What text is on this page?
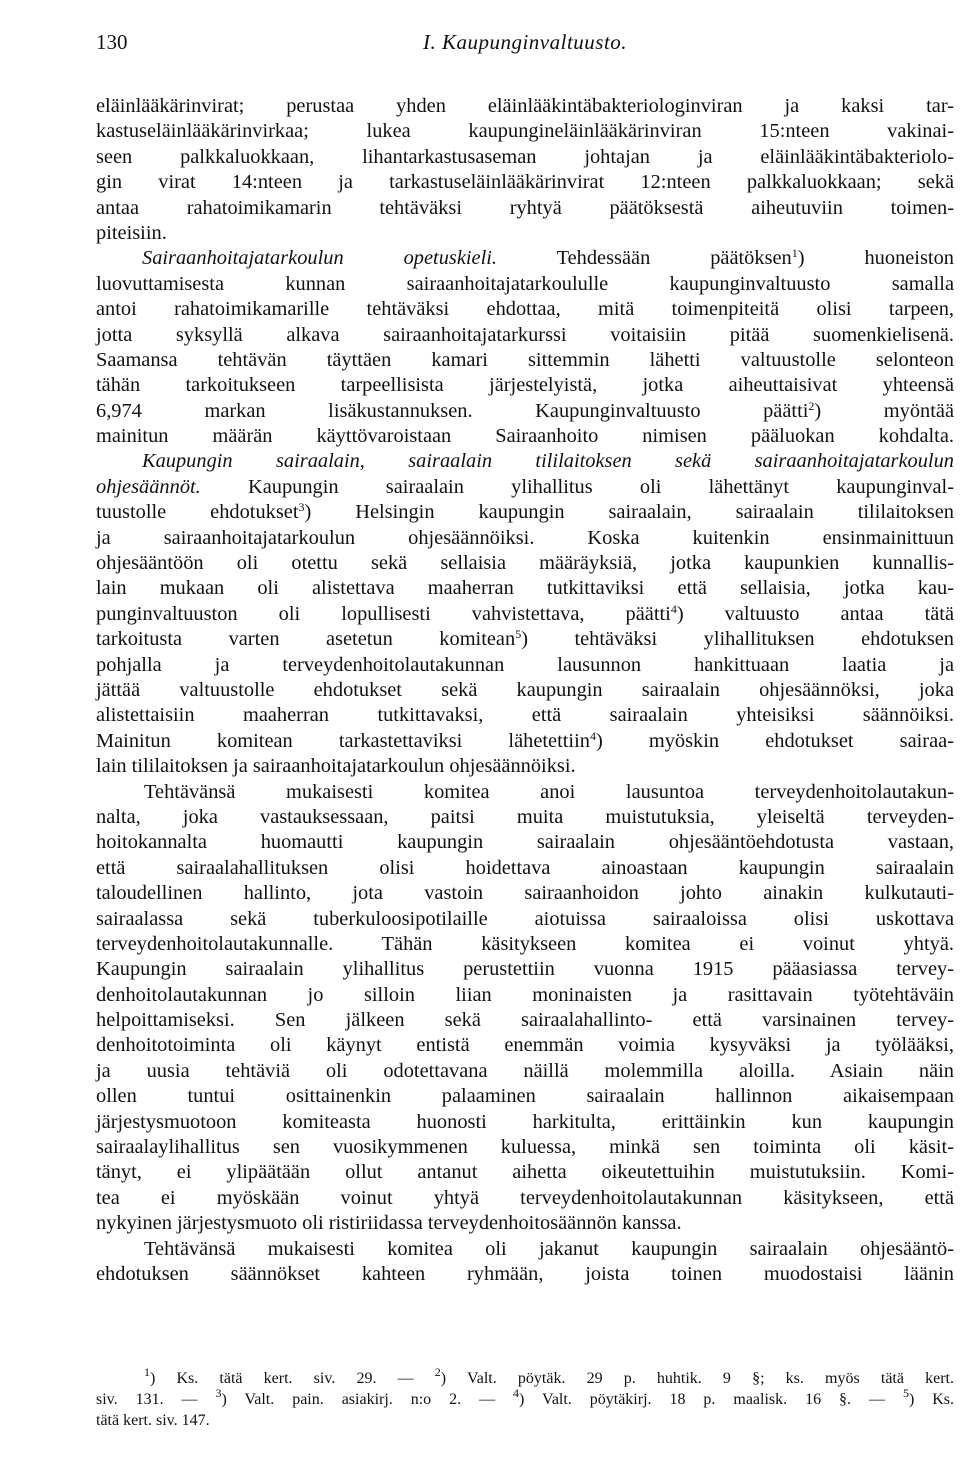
130	I. Kaupunginvaltuusto.
eläinlääkärinvirat; perustaa yhden eläinlääkintäbakteriologinviran ja kaksi tar-
kastuseläinlääkärinvirkaa; lukea kaupungineläinlääkärinviran 15:nteen vakinai-
seen palkkaluokkaan, lihantarkastusaseman johtajan ja eläinlääkintäbakteriolo-
gin virat 14:nteen ja tarkastuseläinlääkärinvirat 12:nteen palkkaluokkaan; sekä
antaa rahatoimikamarin tehtäväksi ryhtyä päätöksestä aiheutuviin toimen-
piteisiin.
Sairaanhoitajatarkoulun opetuskieli. Tehdessään päätöksen$^1$) huoneiston
luovuttamisesta kunnan sairaanhoitajatarkoululle kaupunginvaltuusto samalla
antoi rahatoimikamarille tehtäväksi ehdottaa, mitä toimenpiteitä olisi tarpeen,
jotta syksyllä alkava sairaanhoitajatarkurssi voitaisiin pitää suomenkielisenä.
Saamansa tehtävän täyttäen kamari sittemmin lähetti valtuustolle selonteon
tähän tarkoitukseen tarpeellisista järjestelyistä, jotka aiheuttaisivat yhteensä
6,974 markan lisäkustannuksen. Kaupunginvaltuusto päätti$^2$) myöntää
mainitun määrän käyttövaroistaan Sairaanhoito nimisen pääluokan kohdalta.
Kaupungin sairaalain, sairaalain tililaitoksen sekä sairaanhoitajatarkoulun
ohjesäännöt. Kaupungin sairaalain ylihallitus oli lähettänyt kaupunginval-
tuustolle ehdotukset$^3$) Helsingin kaupungin sairaalain, sairaalain tililaitoksen
ja sairaanhoitajatarkoulun ohjesäännöiksi. Koska kuitenkin ensinmainittuun
ohjesääntöön oli otettu sekä sellaisia määräyksiä, jotka kaupunkien kunnallis-
lain mukaan oli alistettava maaherran tutkittaviksi että sellaisia, jotka kau-
punginvaltuuston oli lopullisesti vahvistettava, päätti$^4$) valtuusto antaa tätä
tarkoitusta varten asetetun komitean$^5$) tehtäväksi ylihallituksen ehdotuksen
pohjalla ja terveydenhoitolautakunnan lausunnon hankittuaan laatia ja
jättää valtuustolle ehdotukset sekä kaupungin sairaalain ohjesäännöksi, joka
alistettaisiin maaherran tutkittavaksi, että sairaalain yhteisiksi säännöiksi.
Mainitun komitean tarkastettaviksi lähetettiin$^4$) myöskin ehdotukset sairaa-
lain tililaitoksen ja sairaanhoitajatarkoulun ohjesäännöiksi.
Tehtävänsä mukaisesti komitea anoi lausuntoa terveydenhoitolautakun-
nalta, joka vastauksessaan, paitsi muita muistutuksia, yleiseltä terveyden-
hoitokannalta huomautti kaupungin sairaalain ohjesääntöehdotusta vastaan,
että sairaalahallituksen olisi hoidettava ainoastaan kaupungin sairaalain
taloudellinen hallinto, jota vastoin sairaanhoidon johto ainakin kulkutauti-
sairaalassa sekä tuberkuloosipotilaille aiotuissa sairaaloissa olisi uskottava
terveydenhoitolautakunnalle. Tähän käsitykseen komitea ei voinut yhtyä.
Kaupungin sairaalain ylihallitus perustettiin vuonna 1915 pääasiassa tervey-
denhoitolautakunnan jo silloin liian moninaisten ja rasittavain työtehtäväin
helpoittamiseksi. Sen jälkeen sekä sairaalahallinto- että varsinainen tervey-
denhoitotoiminta oli käynyt entistä enemmän voimia kysyväksi ja työlääksi,
ja uusia tehtäviä oli odotettavana näillä molemmilla aloilla. Asiain näin
ollen tuntui osittainenkin palaaminen sairaalain hallinnon aikaisempaan
järjestysmuotoon komiteasta huonosti harkitulta, erittäinkin kun kaupungin
sairaalaylihallitus sen vuosikymmenen kuluessa, minkä sen toiminta oli käsit-
tänyt, ei ylipäätään ollut antanut aihetta oikeutettuihin muistutuksiin. Komi-
tea ei myöskään voinut yhtyä terveydenhoitolautakunnan käsitykseen, että
nykyinen järjestysmuoto oli ristiriidassa terveydenhoitosäännön kanssa.
Tehtävänsä mukaisesti komitea oli jakanut kaupungin sairaalain ohjesääntö-
ehdotuksen säännökset kahteen ryhmään, joista toinen muodostaisi läänin
$^1$) Ks. tätä kert. siv. 29. — $^2$) Valt. pöytäk. 29 p. huhtik. 9 §; ks. myös tätä kert.
siv. 131. — $^3$) Valt. pain. asiakirj. n:o 2. — $^4$) Valt. pöytäkirj. 18 p. maalisk. 16 §. — $^5$) Ks.
tätä kert. siv. 147.
